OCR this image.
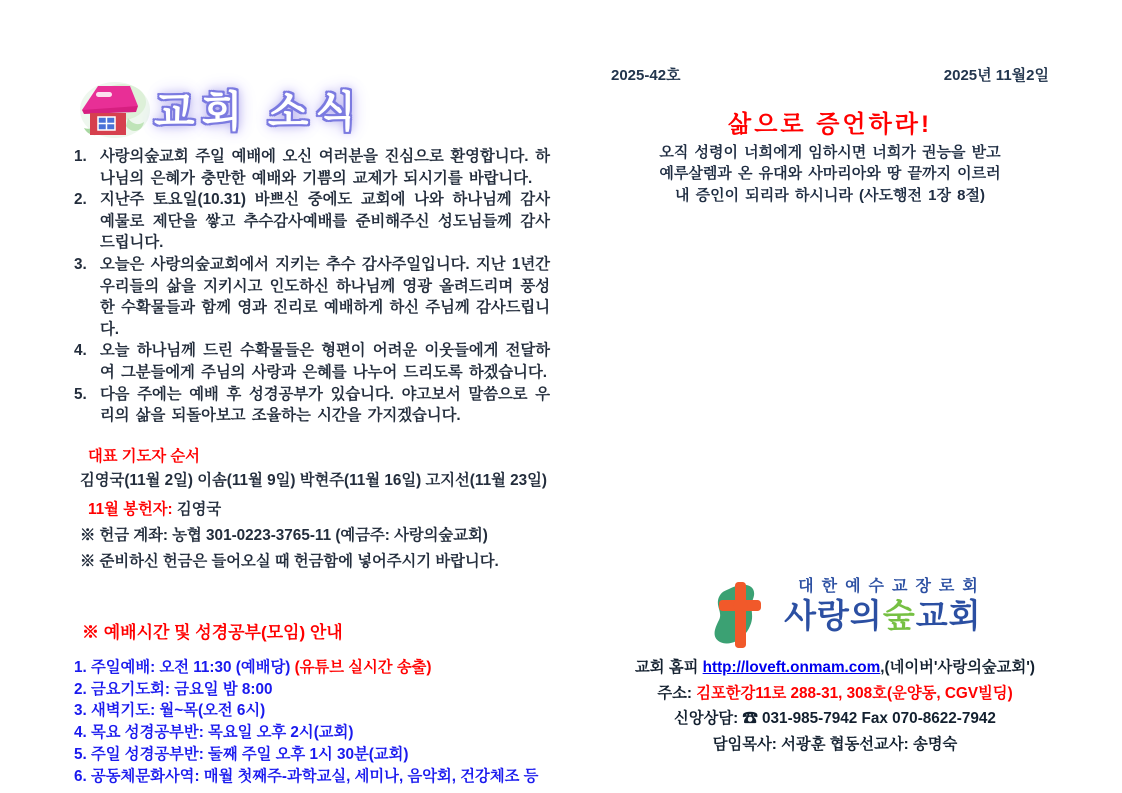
교회 소식
1. 사랑의숲교회 주일 예배에 오신 여러분을 진심으로 환영합니다. 하나님의 은혜가 충만한 예배와 기쁨의 교제가 되시기를 바랍니다.
2. 지난주 토요일(10.31) 바쁘신 중에도 교회에 나와 하나님께 감사 예물로 제단을 쌓고 추수감사예배를 준비해주신 성도님들께 감사드립니다.
3. 오늘은 사랑의숲교회에서 지키는 추수 감사주일입니다. 지난 1년간 우리들의 삶을 지키시고 인도하신 하나님께 영광 올려드리며 풍성한 수확물들과 함께 영과 진리로 예배하게 하신 주님께 감사드립니다.
4. 오늘 하나님께 드린 수확물들은 형편이 어려운 이웃들에게 전달하여 그분들에게 주님의 사랑과 은혜를 나누어 드리도록 하겠습니다.
5. 다음 주에는 예배 후 성경공부가 있습니다. 야고보서 말씀으로 우리의 삶을 되돌아보고 조율하는 시간을 가지겠습니다.
대표 기도자 순서
김영국(11월 2일) 이솜(11월 9일) 박현주(11월 16일) 고지선(11월 23일)
11월 봉헌자: 김영국
※ 헌금 계좌: 농협 301-0223-3765-11 (예금주: 사랑의숲교회)
※ 준비하신 헌금은 들어오실 때 헌금함에 넣어주시기 바랍니다.
※ 예배시간 및 성경공부(모임) 안내
1. 주일예배: 오전 11:30 (예배당) (유튜브 실시간 송출)
2. 금요기도회: 금요일 밤 8:00
3. 새벽기도: 월~목(오전 6시)
4. 목요 성경공부반: 목요일 오후 2시(교회)
5. 주일 성경공부반: 둘째 주일 오후 1시 30분(교회)
6. 공동체문화사역: 매월 첫째주-과학교실, 세미나, 음악회, 건강체조 등
2025-42호	2025년 11월2일
삶으로 증언하라!
오직 성령이 너희에게 임하시면 너희가 권능을 받고
예루살렘과 온 유대와 사마리아와 땅 끝까지 이르러
내 증인이 되리라 하시니라 (사도행전 1장 8절)
대한예수교장로회
사랑의숲교회
교회 홈피 http://loveft.onmam.com,(네이버'사랑의숲교회')
주소: 김포한강11로 288-31, 308호(운양동, CGV빌딩)
신앙상담: ☎ 031-985-7942 Fax 070-8622-7942
담임목사: 서광훈 협동선교사: 송명숙
